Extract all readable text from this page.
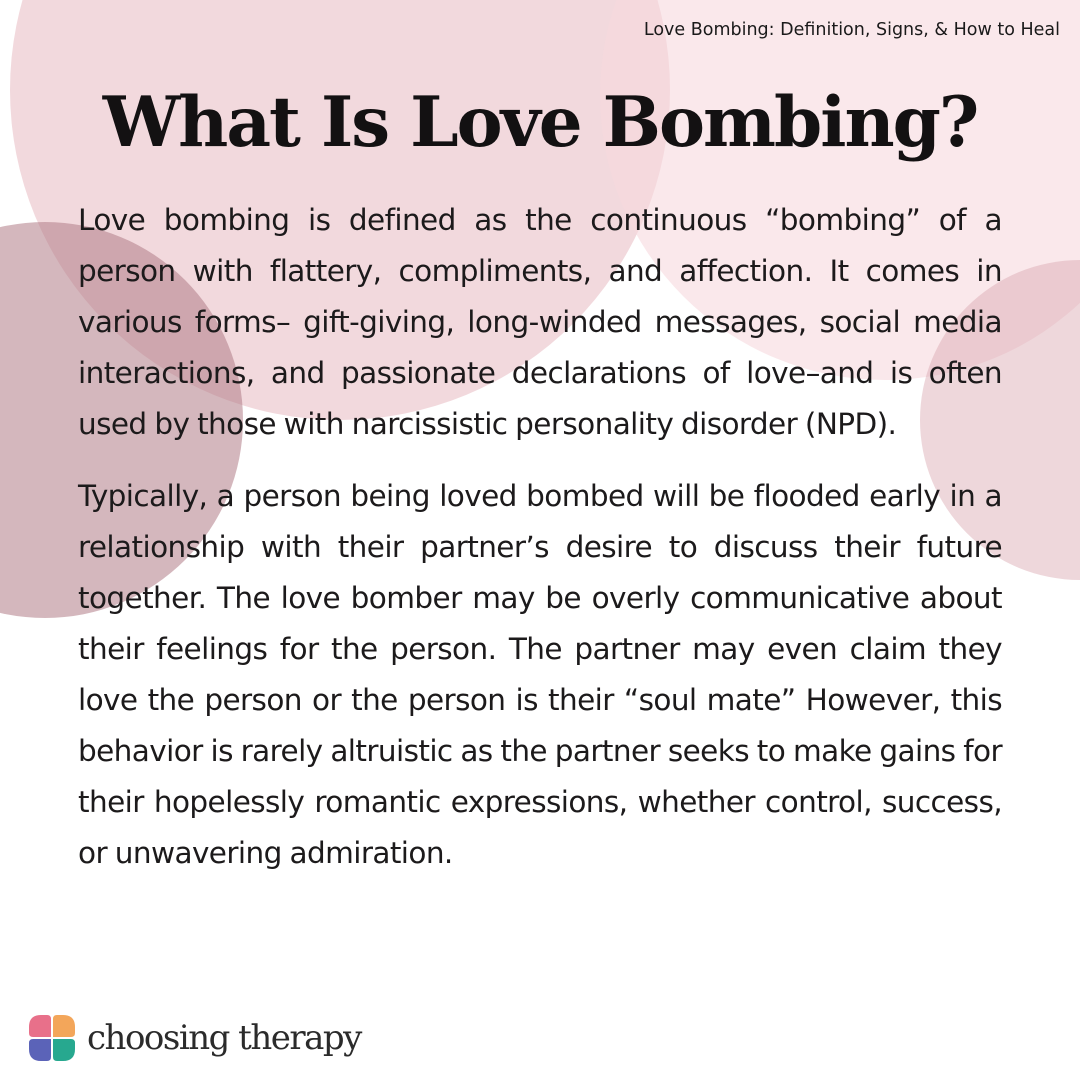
Love Bombing: Definition, Signs, & How to Heal
What Is Love Bombing?

Love bombing is defined as the continuous “bombing” of a person with flattery, compliments, and affection. It comes in various forms– gift-giving, long-winded messages, social media interactions, and passionate declarations of love–and is often used by those with narcissistic personality disorder (NPD).

Typically, a person being loved bombed will be flooded early in a relationship with their partner’s desire to discuss their future together. The love bomber may be overly communicative about their feelings for the person. The partner may even claim they love the person or the person is their “soul mate” However, this behavior is rarely altruistic as the partner seeks to make gains for their hopelessly romantic expressions, whether control, success, or unwavering admiration.

choosing therapy
